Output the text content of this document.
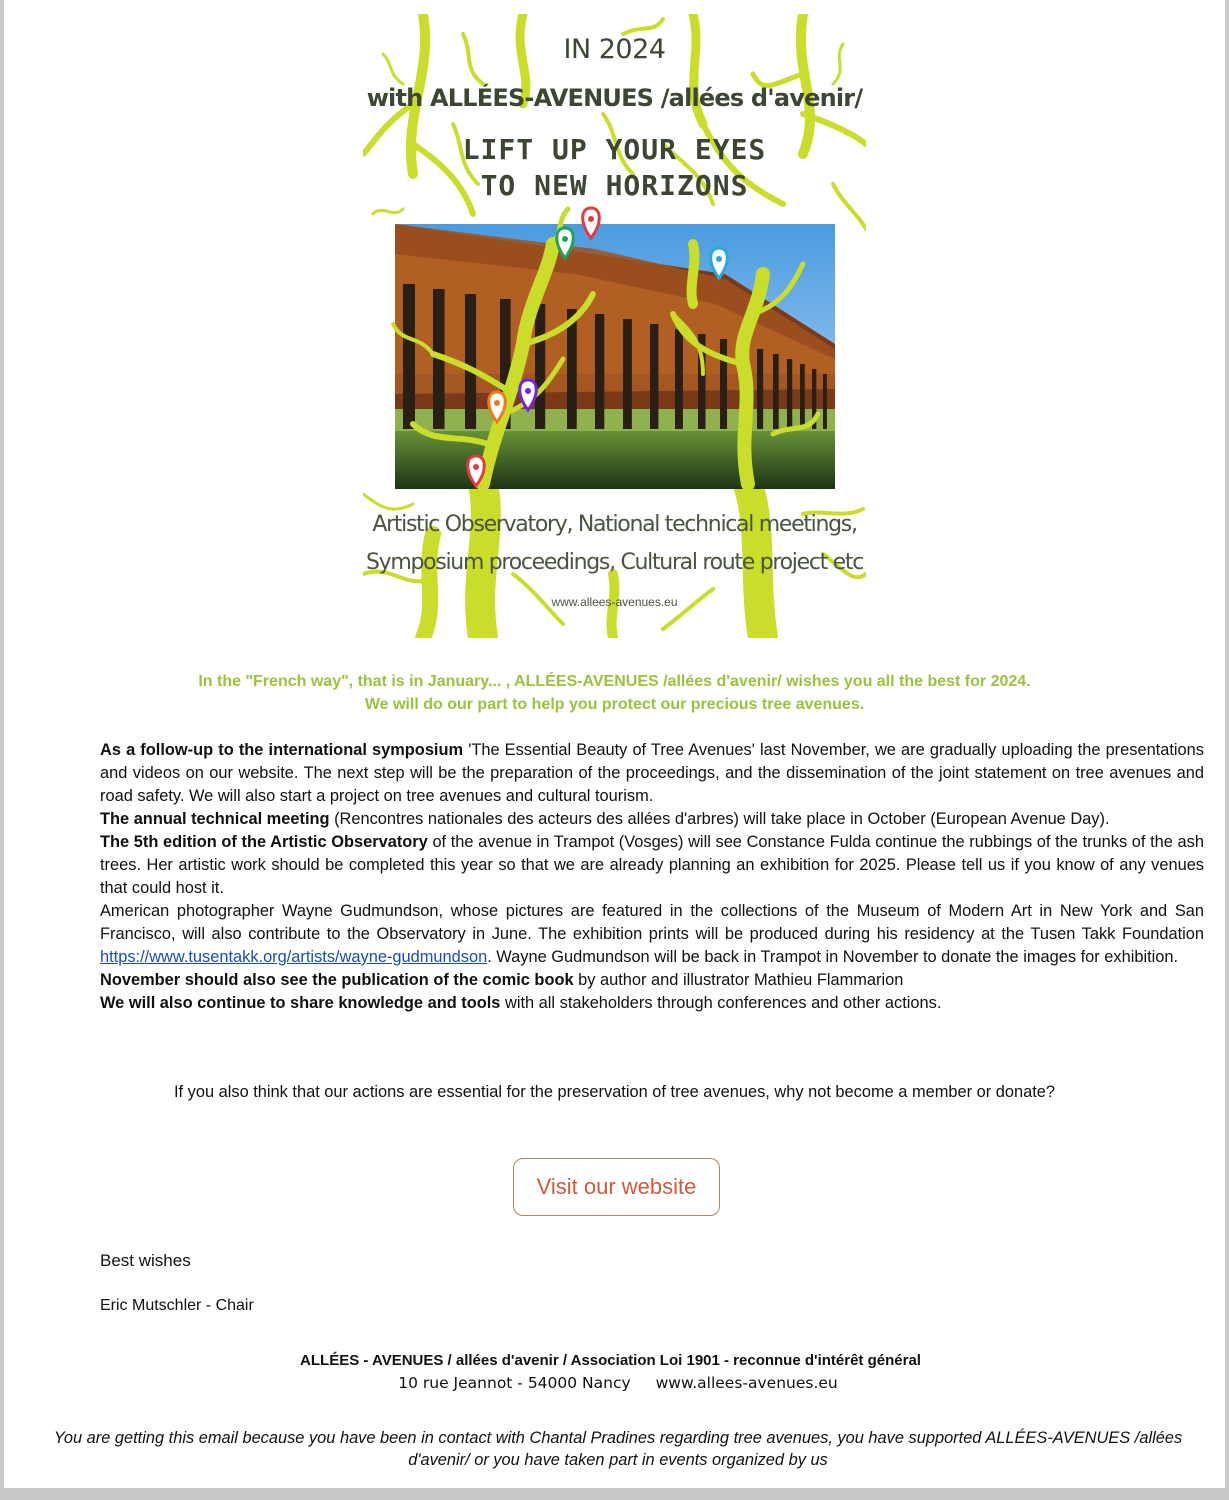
IN 2024
with ALLÉES-AVENUES /allées d'avenir/
LIFT UP YOUR EYES
TO NEW HORIZONS
Artistic Observatory, National technical meetings,
Symposium proceedings, Cultural route project etc
www.allees-avenues.eu
In the "French way", that is in January... , ALLÉES-AVENUES /allées d'avenir/ wishes you all the best for 2024.
We will do our part to help you protect our precious tree avenues.

As a follow-up to the international symposium 'The Essential Beauty of Tree Avenues' last November, we are gradually uploading the presentations and videos on our website. The next step will be the preparation of the proceedings, and the dissemination of the joint statement on tree avenues and road safety. We will also start a project on tree avenues and cultural tourism.

The annual technical meeting (Rencontres nationales des acteurs des allées d'arbres) will take place in October (European Avenue Day).

The 5th edition of the Artistic Observatory of the avenue in Trampot (Vosges) will see Constance Fulda continue the rubbings of the trunks of the ash trees. Her artistic work should be completed this year so that we are already planning an exhibition for 2025. Please tell us if you know of any venues that could host it.

American photographer Wayne Gudmundson, whose pictures are featured in the collections of the Museum of Modern Art in New York and San Francisco, will also contribute to the Observatory in June. The exhibition prints will be produced during his residency at the Tusen Takk Foundation https://www.tusentakk.org/artists/wayne-gudmundson. Wayne Gudmundson will be back in Trampot in November to donate the images for exhibition.

November should also see the publication of the comic book by author and illustrator Mathieu Flammarion

We will also continue to share knowledge and tools with all stakeholders through conferences and other actions.

If you also think that our actions are essential for the preservation of tree avenues, why not become a member or donate?
Visit our website
Best wishes
Eric Mutschler - Chair
ALLÉES - AVENUES / allées d'avenir / Association Loi 1901 - reconnue d'intérêt général
10 rue Jeannot - 54000 Nancy www.allees-avenues.eu
You are getting this email because you have been in contact with Chantal Pradines regarding tree avenues, you have supported ALLÉES-AVENUES /allées d'avenir/ or you have taken part in events organized by us
